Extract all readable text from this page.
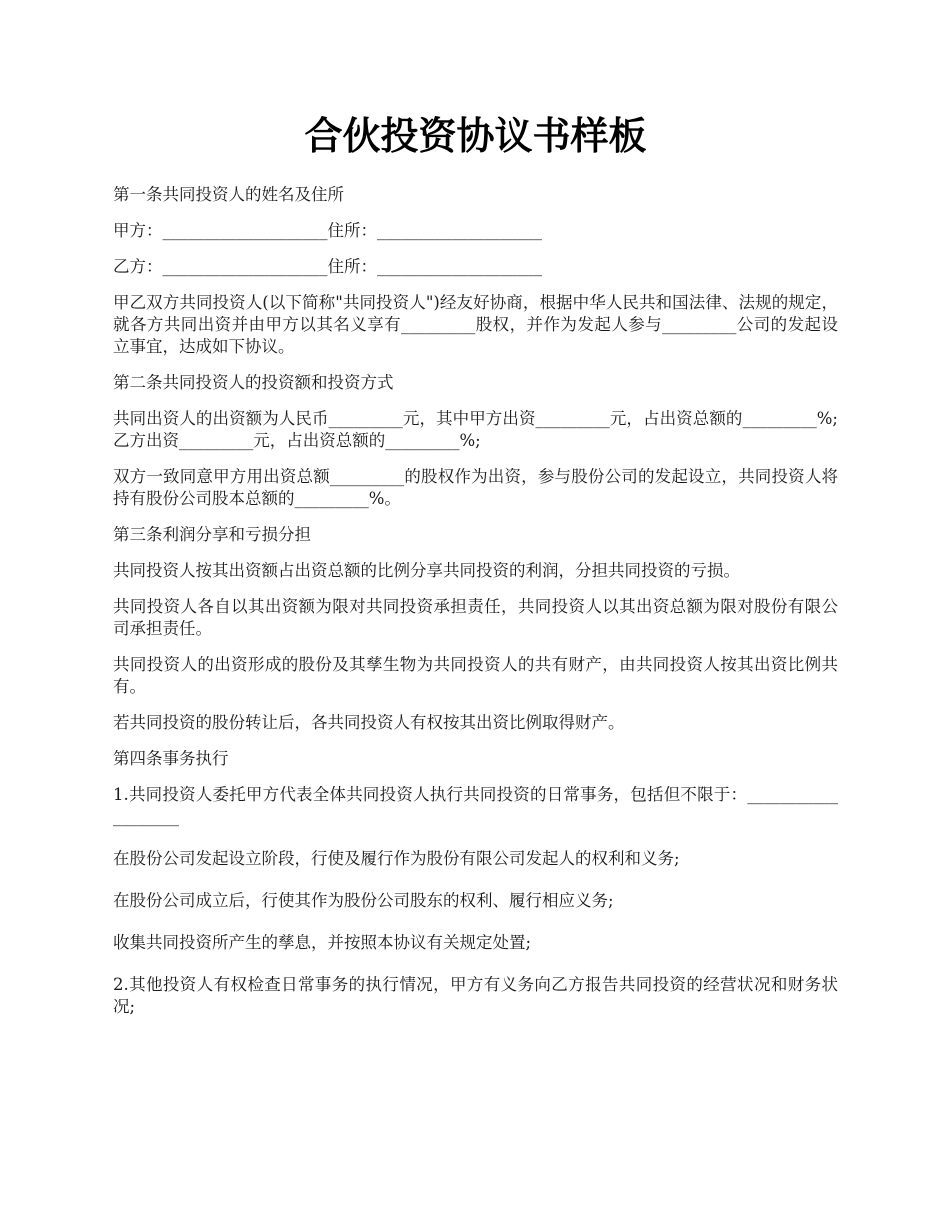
合伙投资协议书样板

第一条共同投资人的姓名及住所

甲方：____________________住所：____________________

乙方：____________________住所：____________________

甲乙双方共同投资人(以下简称"共同投资人")经友好协商，根据中华人民共和国法律、法规的规定，就各方共同出资并由甲方以其名义享有_________股权，并作为发起人参与_________公司的发起设立事宜，达成如下协议。

第二条共同投资人的投资额和投资方式

共同出资人的出资额为人民币_________元，其中甲方出资_________元，占出资总额的_________%;乙方出资_________元，占出资总额的_________%;

双方一致同意甲方用出资总额_________的股权作为出资，参与股份公司的发起设立，共同投资人将持有股份公司股本总额的_________%。

第三条利润分享和亏损分担

共同投资人按其出资额占出资总额的比例分享共同投资的利润，分担共同投资的亏损。

共同投资人各自以其出资额为限对共同投资承担责任，共同投资人以其出资总额为限对股份有限公司承担责任。

共同投资人的出资形成的股份及其孳生物为共同投资人的共有财产，由共同投资人按其出资比例共有。

若共同投资的股份转让后，各共同投资人有权按其出资比例取得财产。

第四条事务执行

1.共同投资人委托甲方代表全体共同投资人执行共同投资的日常事务，包括但不限于：___________________

在股份公司发起设立阶段，行使及履行作为股份有限公司发起人的权利和义务;

在股份公司成立后，行使其作为股份公司股东的权利、履行相应义务;

收集共同投资所产生的孳息，并按照本协议有关规定处置;

2.其他投资人有权检查日常事务的执行情况，甲方有义务向乙方报告共同投资的经营状况和财务状况;
